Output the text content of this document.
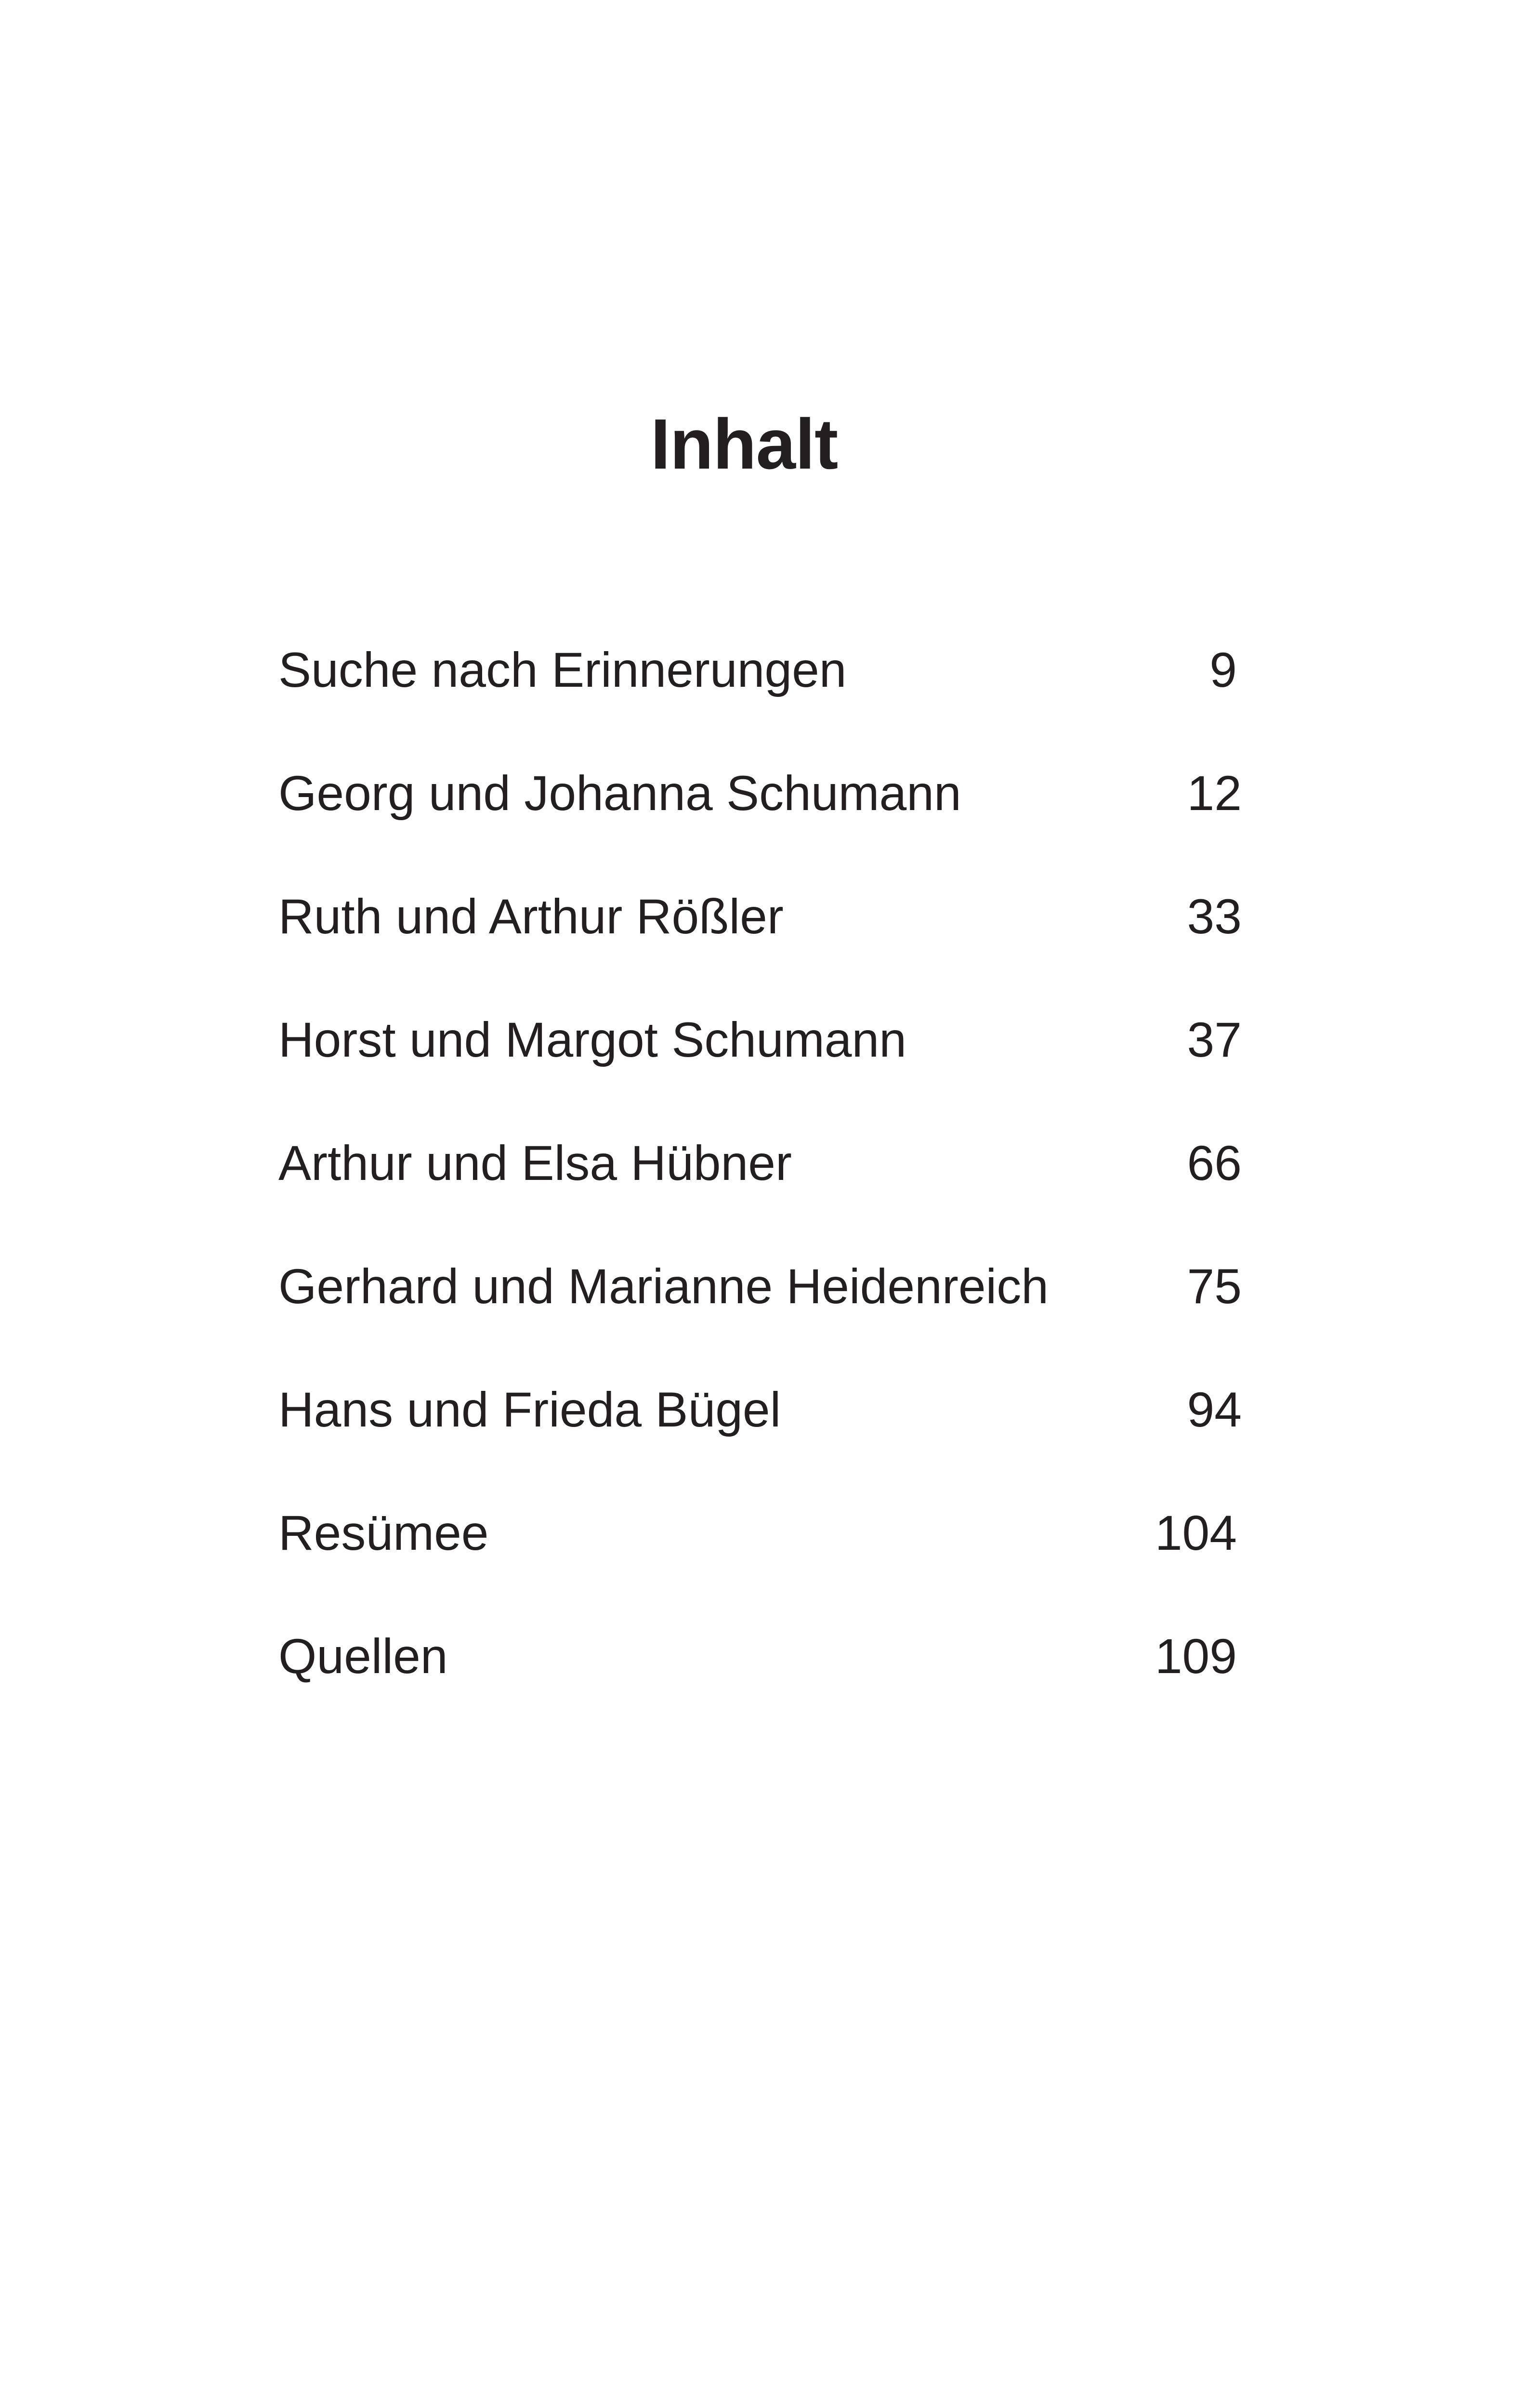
Inhalt
Suche nach Erinnerungen	9
Georg und Johanna Schumann	12
Ruth und Arthur Rößler	33
Horst und Margot Schumann	37
Arthur und Elsa Hübner	66
Gerhard und Marianne Heidenreich	75
Hans und Frieda Bügel	94
Resümee	104
Quellen	109
